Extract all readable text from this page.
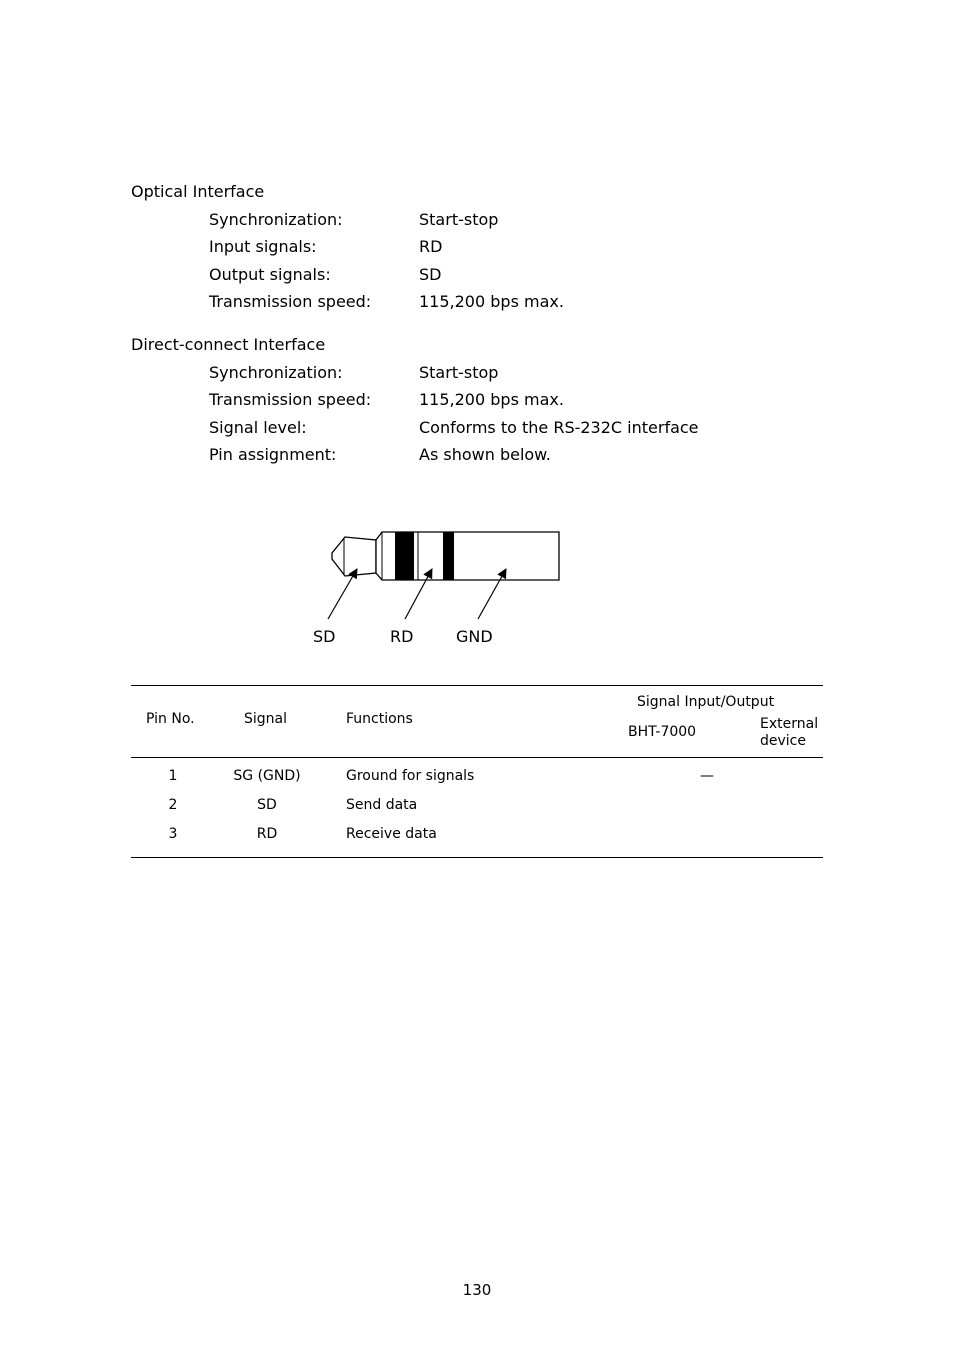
Optical Interface
Synchronization:	Start-stop
Input signals:	RD
Output signals:	SD
Transmission speed:	115,200 bps max.
Direct-connect Interface
Synchronization:	Start-stop
Transmission speed:	115,200 bps max.
Signal level:	Conforms to the RS-232C interface
Pin assignment:	As shown below.
SD	RD	GND
Pin No.	Signal	Functions
Signal Input/Output
BHT-7000	External
device
1	SG (GND)	Ground for signals	—
2	SD	Send data
3	RD	Receive data
130
